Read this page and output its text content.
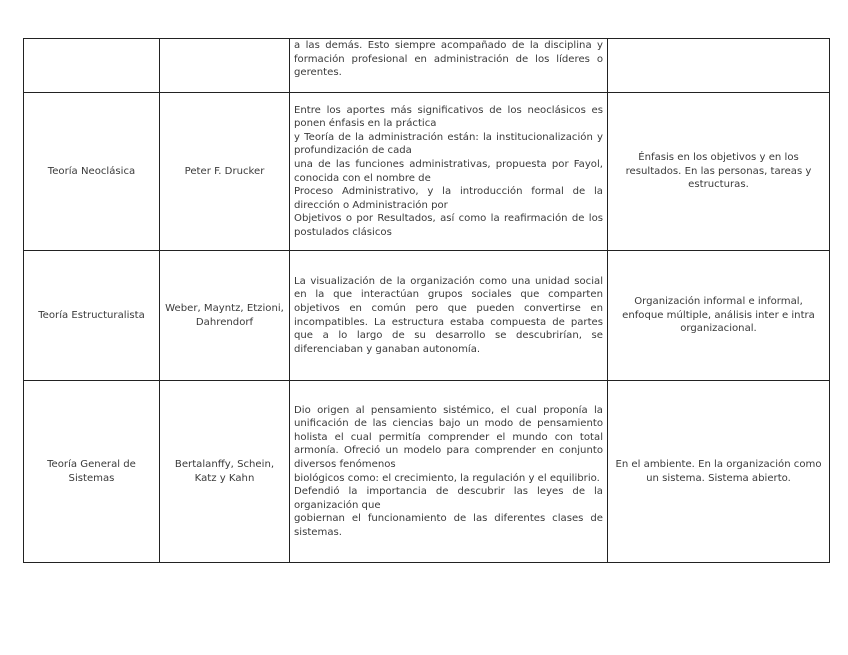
		a las demás. Esto siempre acompañado de la disciplina y formación profesional en administración de los líderes o gerentes.	

Teoría Neoclásica	Peter F. Drucker	Entre los aportes más significativos de los neoclásicos es ponen énfasis en la práctica
y Teoría de la administración están: la institucionalización y profundización de cada
una de las funciones administrativas, propuesta por Fayol, conocida con el nombre de
Proceso Administrativo, y la introducción formal de la dirección o Administración por
Objetivos o por Resultados, así como la reafirmación de los postulados clásicos	Énfasis en los objetivos y en los resultados. En las personas, tareas y estructuras.
Teoría Estructuralista	Weber, Mayntz, Etzioni, Dahrendorf	La visualización de la organización como una unidad social en la que interactúan grupos sociales que comparten objetivos en común pero que pueden convertirse en incompatibles. La estructura estaba compuesta de partes que a lo largo de su desarrollo se descubrirían, se diferenciaban y ganaban autonomía.	Organización informal e informal, enfoque múltiple, análisis inter e intra organizacional.
Teoría General de Sistemas	Bertalanffy, Schein, Katz y Kahn	Dio origen al pensamiento sistémico, el cual proponía la unificación de las ciencias bajo un modo de pensamiento holista el cual permitía comprender el mundo con total armonía. Ofreció un modelo para comprender en conjunto diversos fenómenos
biológicos como: el crecimiento, la regulación y el equilibrio.
Defendió la importancia de descubrir las leyes de la organización que
gobiernan el funcionamiento de las diferentes clases de sistemas.	En el ambiente. En la organización como un sistema. Sistema abierto.
